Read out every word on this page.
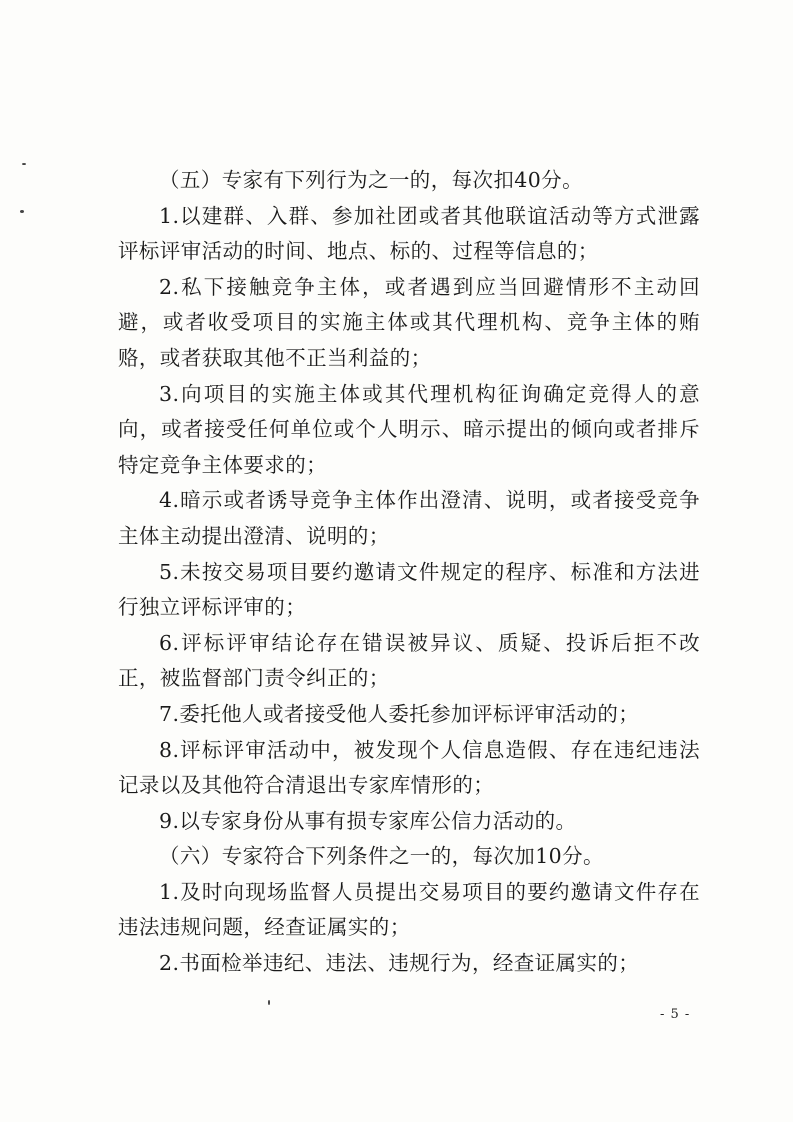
（五）专家有下列行为之一的，每次扣40分。

1.以建群、入群、参加社团或者其他联谊活动等方式泄露评标评审活动的时间、地点、标的、过程等信息的；

2.私下接触竞争主体，或者遇到应当回避情形不主动回避，或者收受项目的实施主体或其代理机构、竞争主体的贿赂，或者获取其他不正当利益的；

3.向项目的实施主体或其代理机构征询确定竞得人的意向，或者接受任何单位或个人明示、暗示提出的倾向或者排斥特定竞争主体要求的；

4.暗示或者诱导竞争主体作出澄清、说明，或者接受竞争主体主动提出澄清、说明的；

5.未按交易项目要约邀请文件规定的程序、标准和方法进行独立评标评审的；

6.评标评审结论存在错误被异议、质疑、投诉后拒不改正，被监督部门责令纠正的；

7.委托他人或者接受他人委托参加评标评审活动的；

8.评标评审活动中，被发现个人信息造假、存在违纪违法记录以及其他符合清退出专家库情形的；

9.以专家身份从事有损专家库公信力活动的。

（六）专家符合下列条件之一的，每次加10分。

1.及时向现场监督人员提出交易项目的要约邀请文件存在违法违规问题，经查证属实的；

2.书面检举违纪、违法、违规行为，经查证属实的；

- 5 -
